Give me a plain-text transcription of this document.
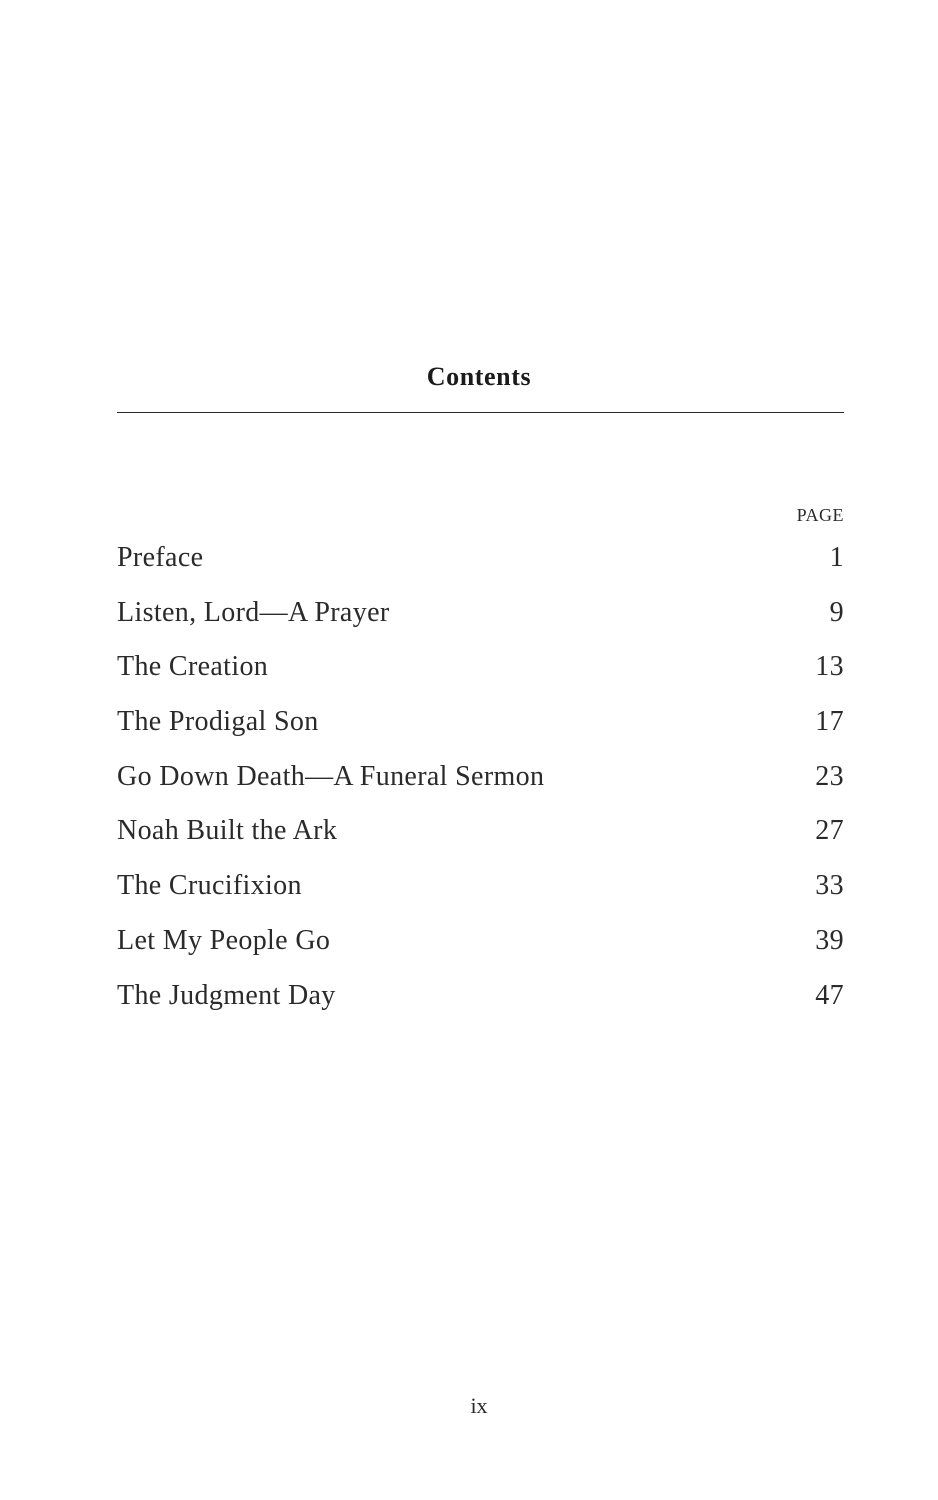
Contents
PAGE
Preface	1
Listen, Lord—A Prayer	9
The Creation	13
The Prodigal Son	17
Go Down Death—A Funeral Sermon	23
Noah Built the Ark	27
The Crucifixion	33
Let My People Go	39
The Judgment Day	47
ix
